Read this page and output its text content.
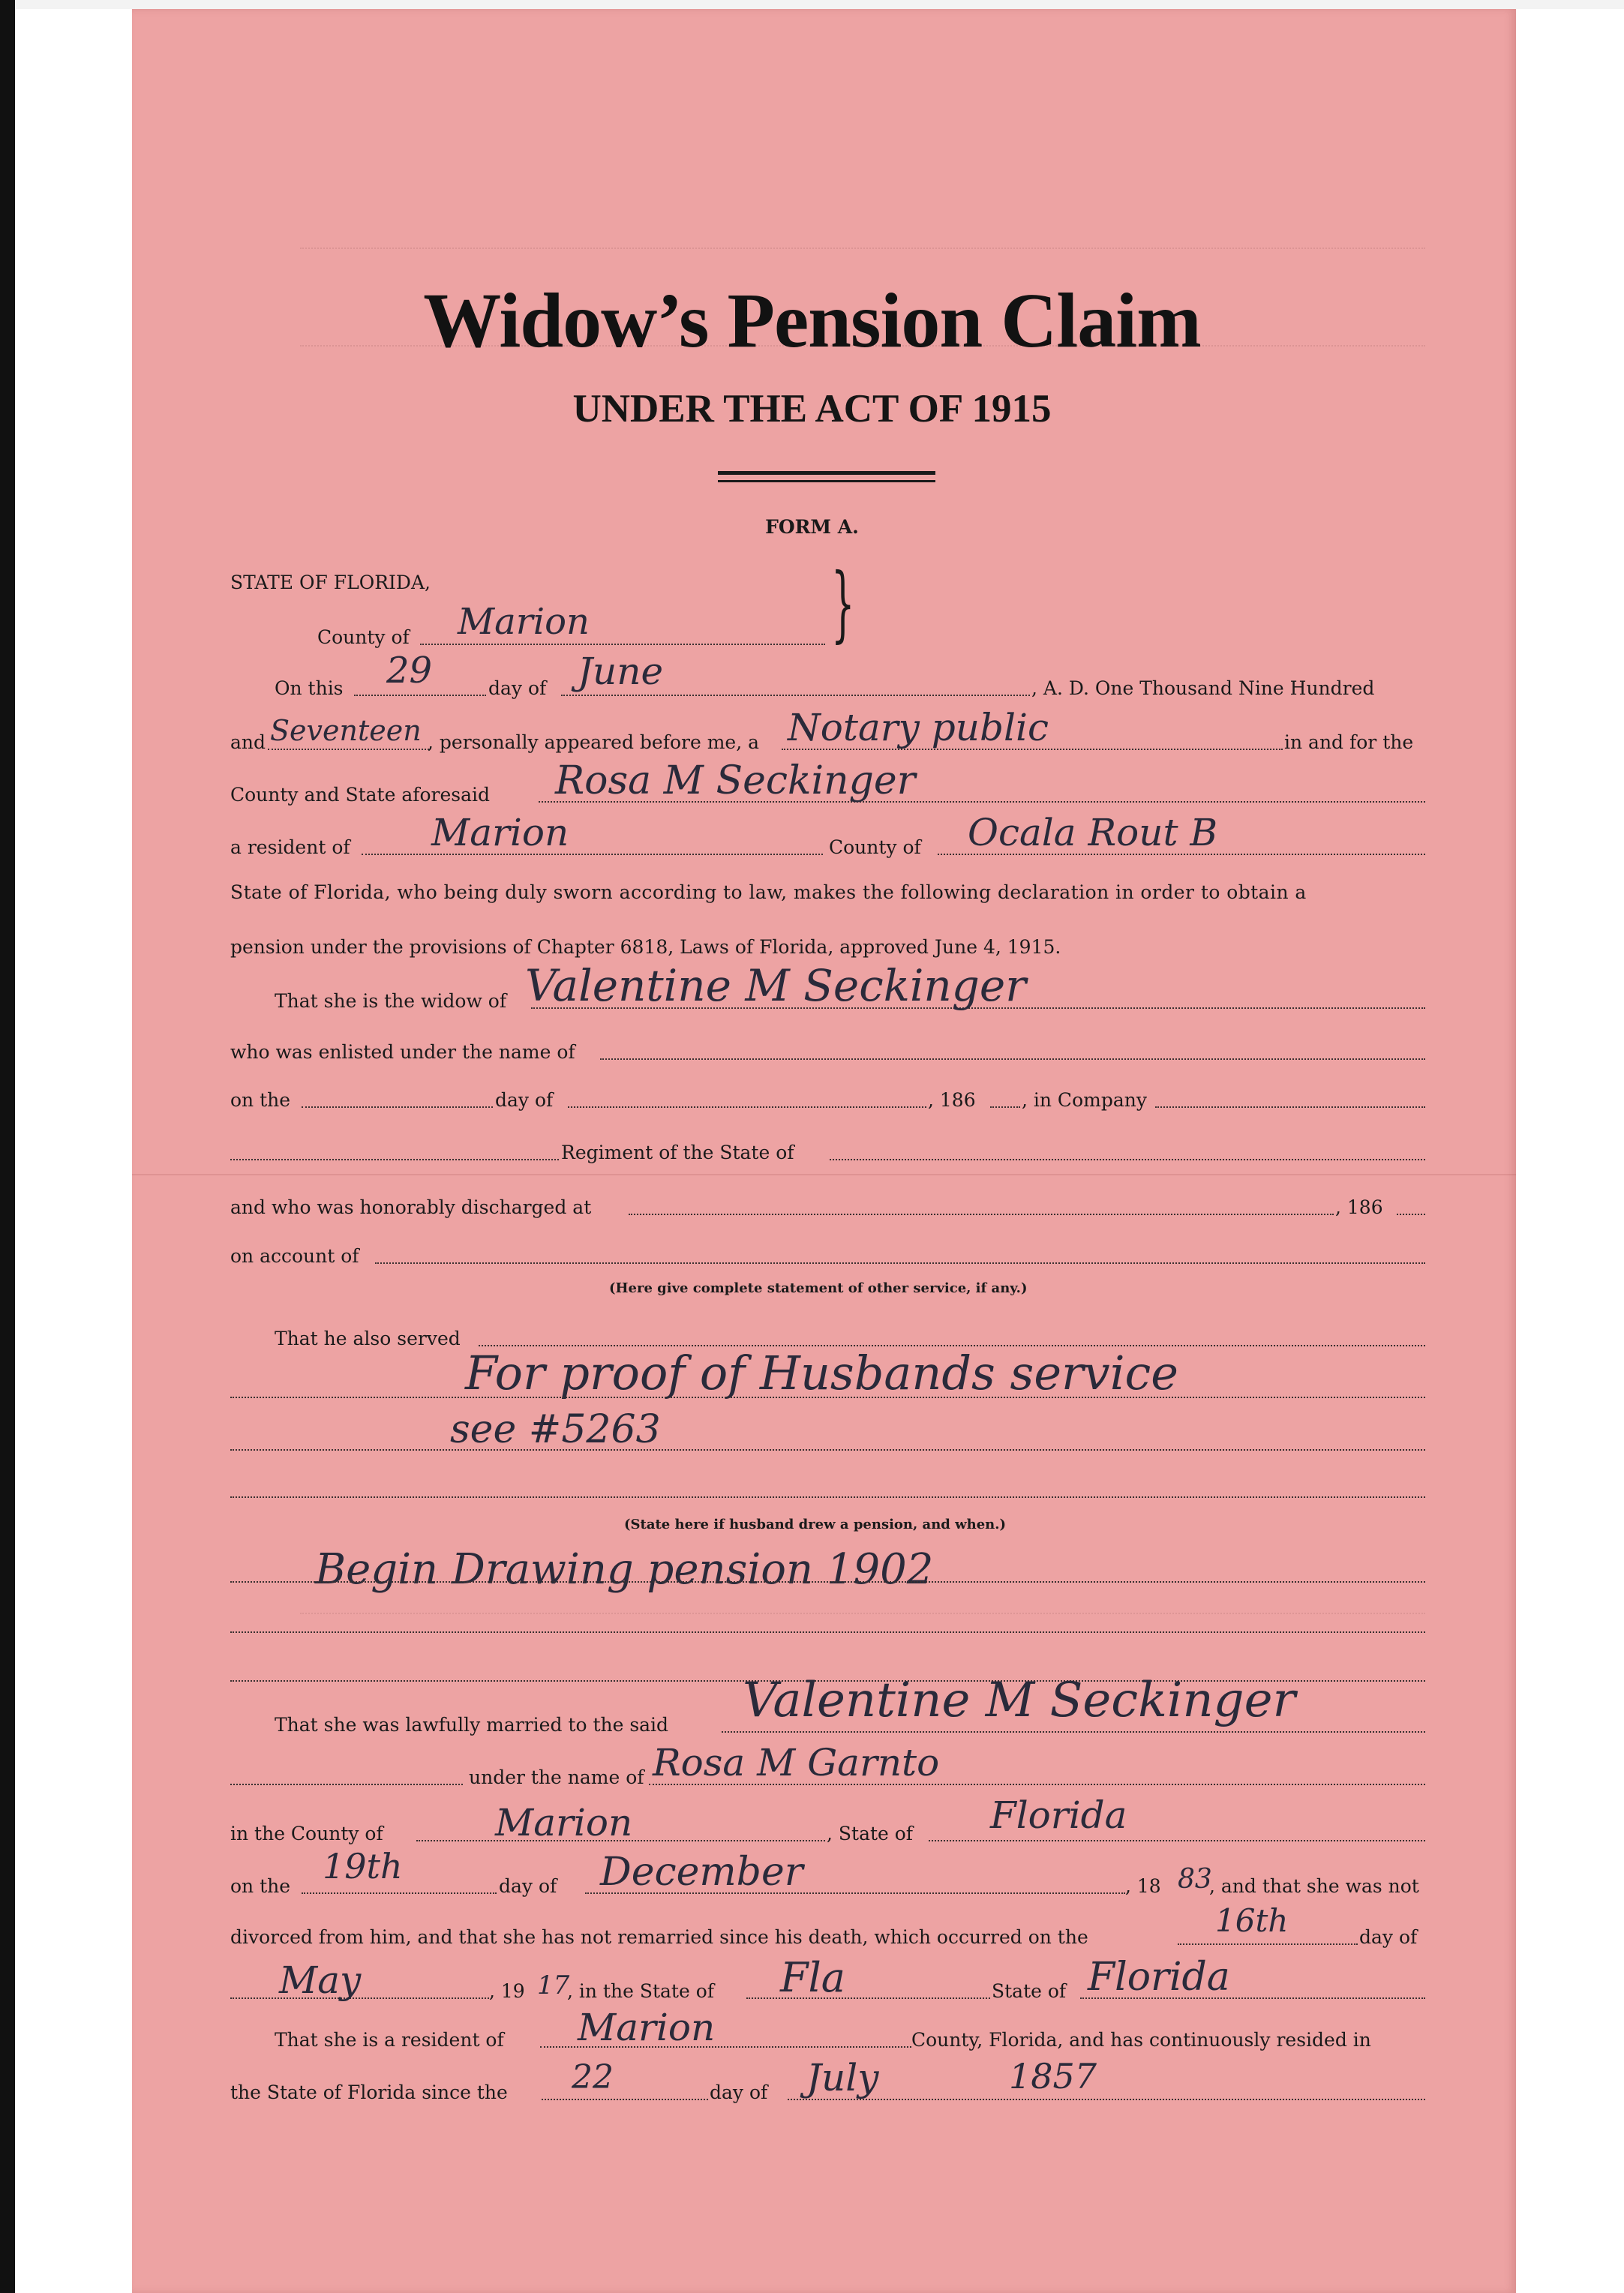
Widow’s Pension Claim
UNDER THE ACT OF 1915
FORM A.
STATE OF FLORIDA,	}
County of Marion
On this 29	day of June	, A. D. One Thousand Nine Hundred
and Seventeen , personally appeared before me, a Notary public	in and for the
County and State aforesaid Rosa M Seckinger
a resident of Marion	County of Ocala Rout B
State of Florida, who being duly sworn according to law, makes the following declaration in order to obtain a
pension under the provisions of Chapter 6818, Laws of Florida, approved June 4, 1915.
That she is the widow of Valentine M Seckinger
who was enlisted under the name of
on the	day of	, 186 , in Company
Regiment of the State of
and who was honorably discharged at	, 186
on account of
(Here give complete statement of other service, if any.)
That he also served
For proof of Husbands service
see #5263
(State here if husband drew a pension, and when.)
Begin Drawing pension 1902
That she was lawfully married to the said Valentine M Seckinger
under the name of Rosa M Garnto
in the County of	Marion	, State of Florida
on the 19th	day of December	, 18 83
, and that she was not
divorced from him, and that she has not remarried since his death, which occurred on the	16th	day of
May	, 19 17
, in the State of Fla	State of Florida
That she is a resident of Marion	County, Florida, and has continuously resided in
the State of Florida since the 22	day of July	1857
